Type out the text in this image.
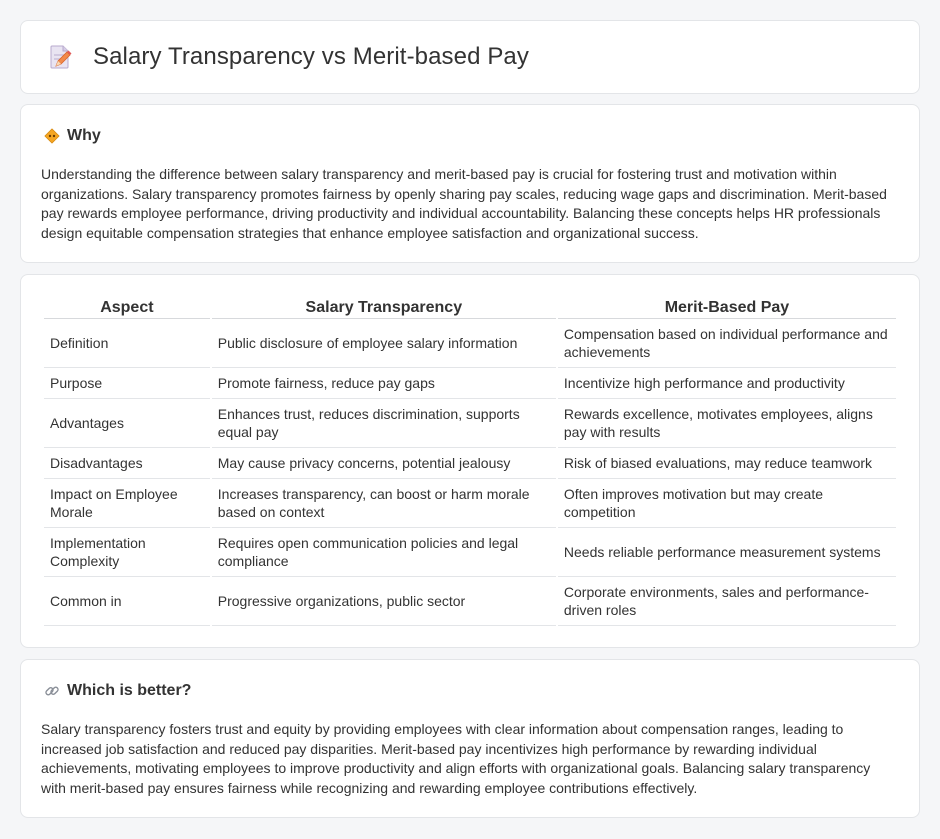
Salary Transparency vs Merit-based Pay
Why

Understanding the difference between salary transparency and merit-based pay is crucial for fostering trust and motivation within organizations. Salary transparency promotes fairness by openly sharing pay scales, reducing wage gaps and discrimination. Merit-based pay rewards employee performance, driving productivity and individual accountability. Balancing these concepts helps HR professionals design equitable compensation strategies that enhance employee satisfaction and organizational success.

Aspect	Salary Transparency	Merit-Based Pay
Definition	Public disclosure of employee salary information	Compensation based on individual performance and achievements
Purpose	Promote fairness, reduce pay gaps	Incentivize high performance and productivity
Advantages	Enhances trust, reduces discrimination, supports equal pay	Rewards excellence, motivates employees, aligns pay with results
Disadvantages	May cause privacy concerns, potential jealousy	Risk of biased evaluations, may reduce teamwork
Impact on Employee Morale	Increases transparency, can boost or harm morale based on context	Often improves motivation but may create competition
Implementation Complexity	Requires open communication policies and legal compliance	Needs reliable performance measurement systems
Common in	Progressive organizations, public sector	Corporate environments, sales and performance-driven roles
Which is better?

Salary transparency fosters trust and equity by providing employees with clear information about compensation ranges, leading to increased job satisfaction and reduced pay disparities. Merit-based pay incentivizes high performance by rewarding individual achievements, motivating employees to improve productivity and align efforts with organizational goals. Balancing salary transparency with merit-based pay ensures fairness while recognizing and rewarding employee contributions effectively.
